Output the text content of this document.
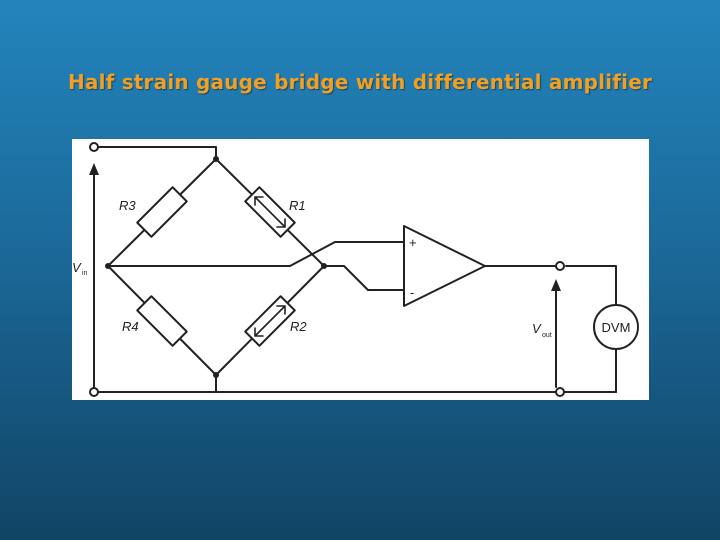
Half strain gauge bridge with differential amplifier
R3	R1
R4	R2
V in
V out
+
-
DVM
